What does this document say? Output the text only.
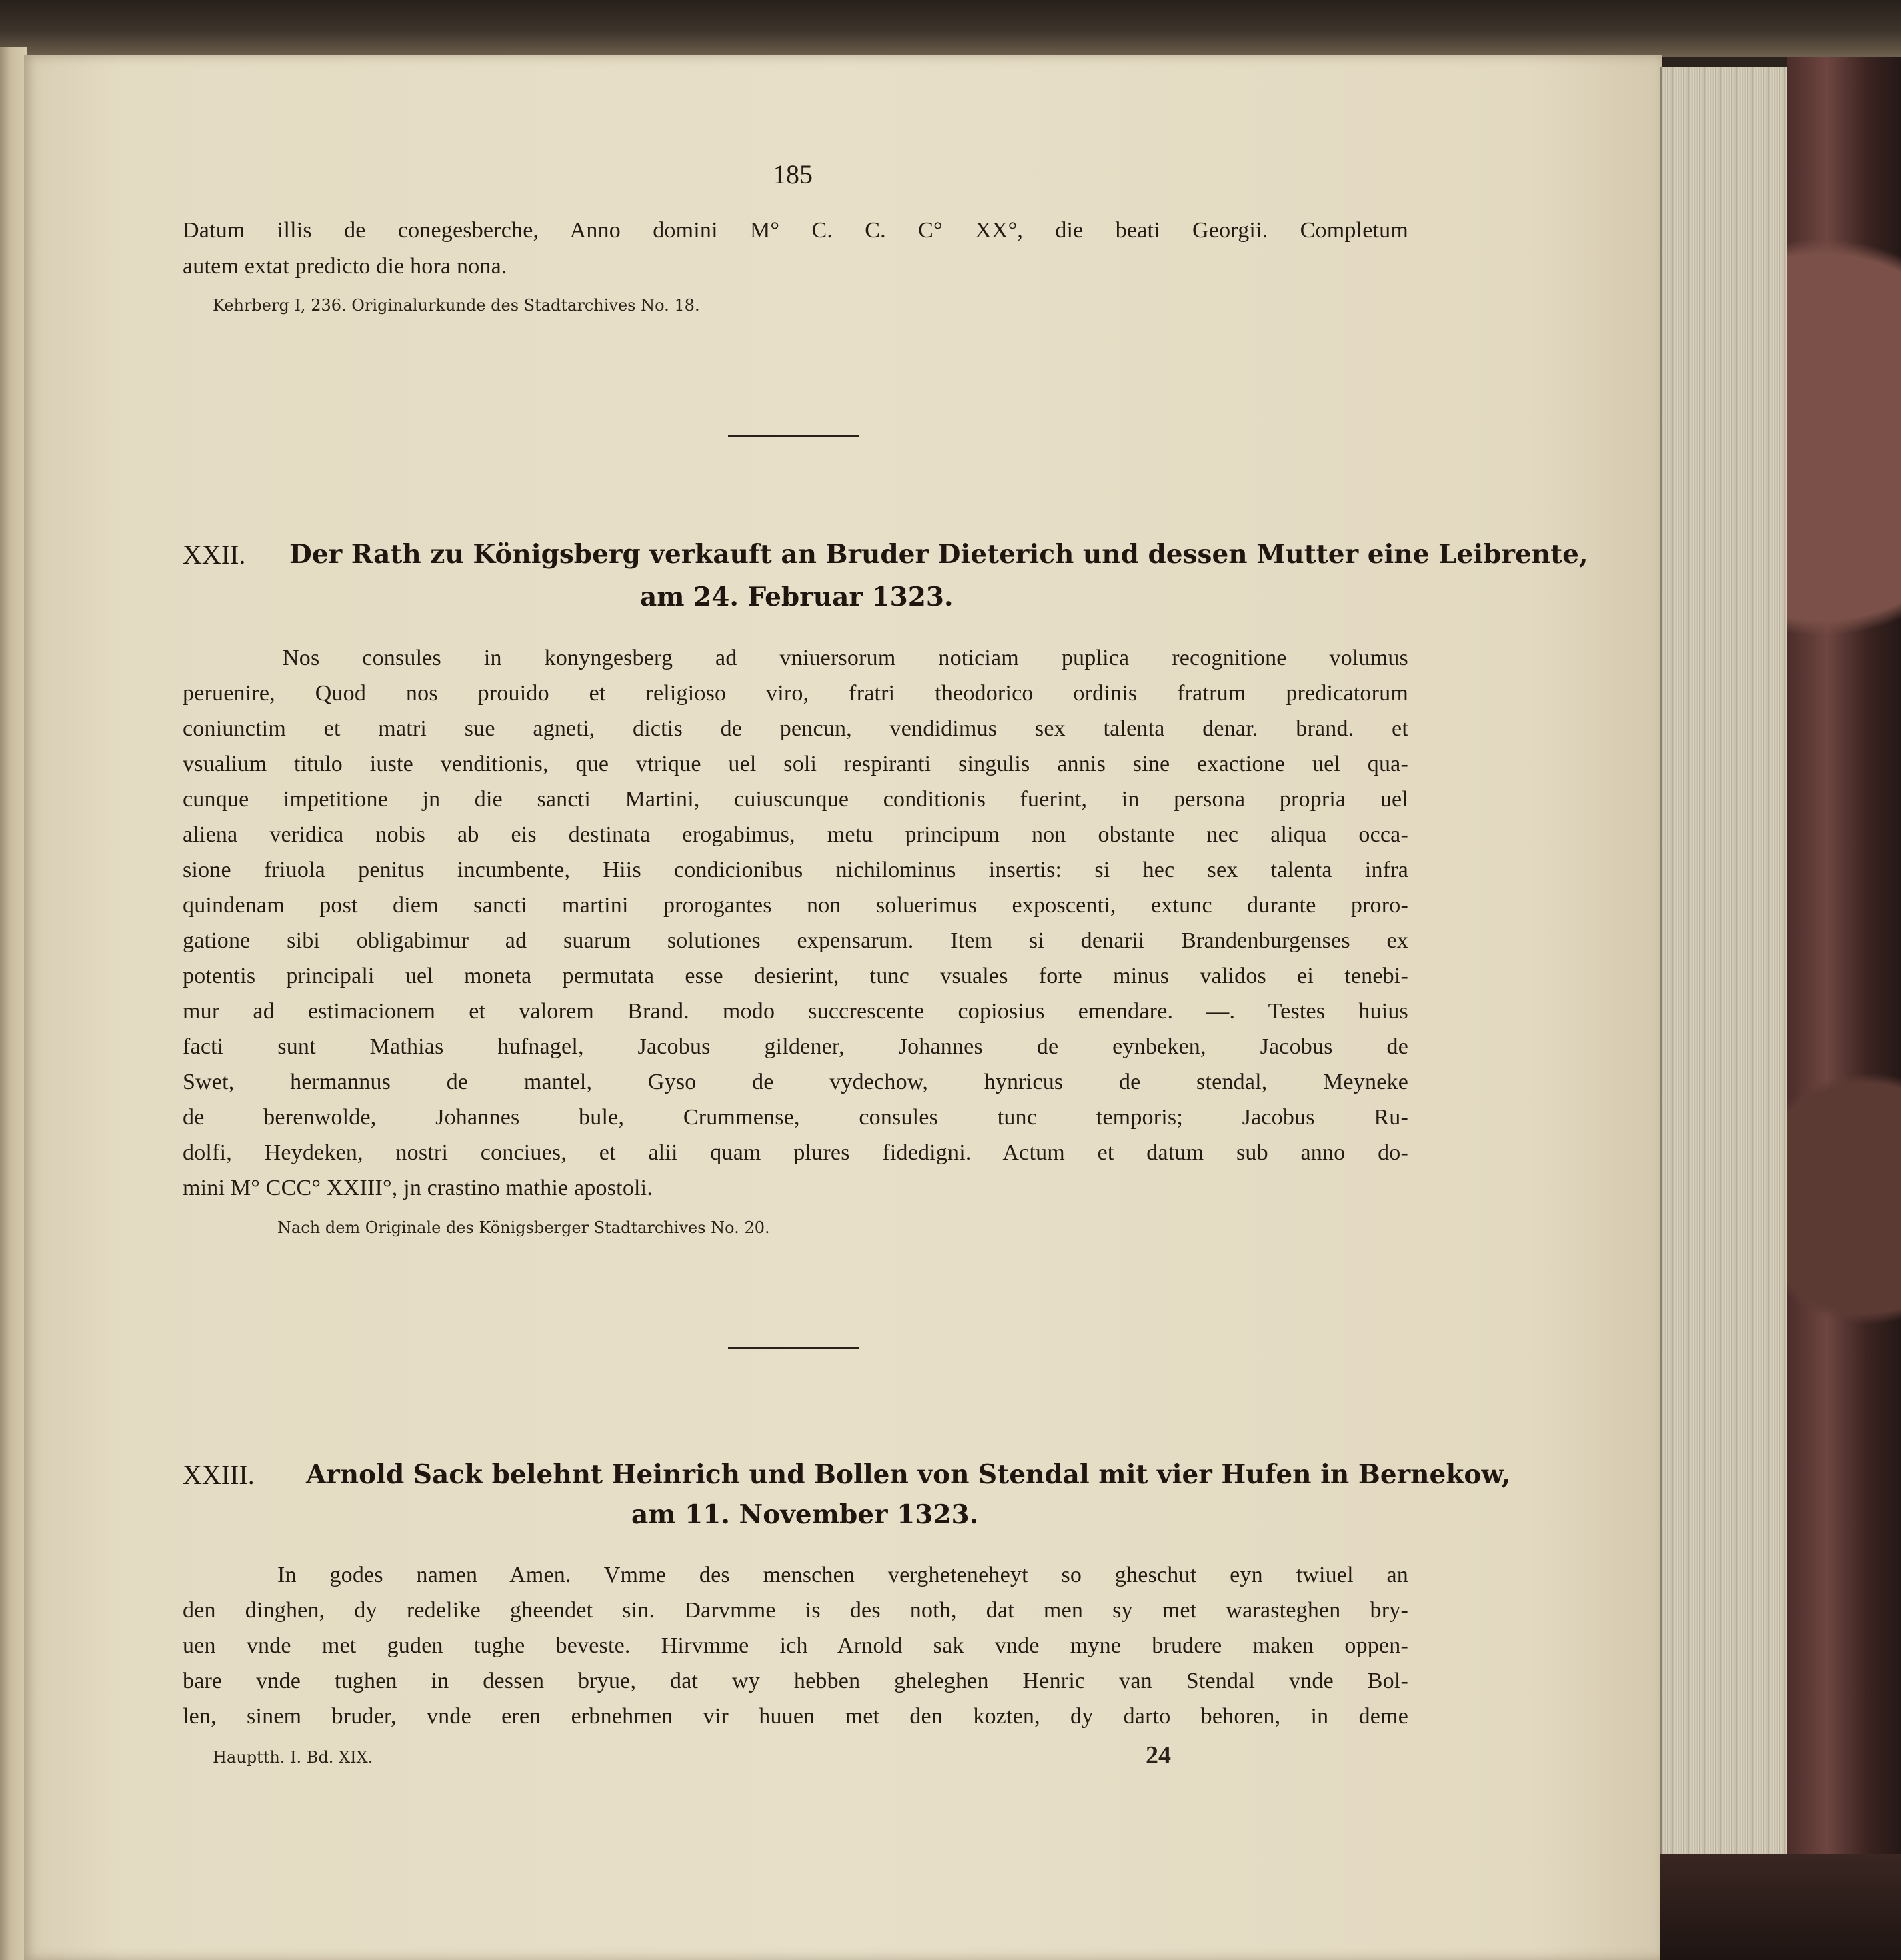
185
Datum illis de conegesberche, Anno domini M° C. C. C° XX°, die beati Georgii. Completum
autem extat predicto die hora nona.
Kehrberg I, 236. Originalurkunde des Stadtarchives No. 18.
XXII. Der Rath zu Königsberg verkauft an Bruder Dieterich und dessen Mutter eine Leibrente,
am 24. Februar 1323.
Nos consules in konyngesberg ad vniuersorum noticiam puplica recognitione volumus
peruenire, Quod nos prouido et religioso viro, fratri theodorico ordinis fratrum predicatorum
coniunctim et matri sue agneti, dictis de pencun, vendidimus sex talenta denar. brand. et
vsualium titulo iuste venditionis, que vtrique uel soli respiranti singulis annis sine exactione uel qua-
cunque impetitione jn die sancti Martini, cuiuscunque conditionis fuerint, in persona propria uel
aliena veridica nobis ab eis destinata erogabimus, metu principum non obstante nec aliqua occa-
sione friuola penitus incumbente, Hiis condicionibus nichilominus insertis: si hec sex talenta infra
quindenam post diem sancti martini prorogantes non soluerimus exposcenti, extunc durante proro-
gatione sibi obligabimur ad suarum solutiones expensarum. Item si denarii Brandenburgenses ex
potentis principali uel moneta permutata esse desierint, tunc vsuales forte minus validos ei tenebi-
mur ad estimacionem et valorem Brand. modo succrescente copiosius emendare. —. Testes huius
facti sunt Mathias hufnagel, Jacobus gildener, Johannes de eynbeken, Jacobus de
Swet, hermannus de mantel, Gyso de vydechow, hynricus de stendal, Meyneke
de berenwolde, Johannes bule, Crummense, consules tunc temporis; Jacobus Ru-
dolfi, Heydeken, nostri conciues, et alii quam plures fidedigni. Actum et datum sub anno do-
mini M° CCC° XXIII°, jn crastino mathie apostoli.
Nach dem Originale des Königsberger Stadtarchives No. 20.
XXIII. Arnold Sack belehnt Heinrich und Bollen von Stendal mit vier Hufen in Bernekow,
am 11. November 1323.
In godes namen Amen. Vmme des menschen vergheteneheyt so gheschut eyn twiuel an
den dinghen, dy redelike gheendet sin. Darvmme is des noth, dat men sy met warasteghen bry-
uen vnde met guden tughe beveste. Hirvmme ich Arnold sak vnde myne brudere maken oppen-
bare vnde tughen in dessen bryue, dat wy hebben gheleghen Henric van Stendal vnde Bol-
len, sinem bruder, vnde eren erbnehmen vir huuen met den kozten, dy darto behoren, in deme
Hauptth. I. Bd. XIX.	24
